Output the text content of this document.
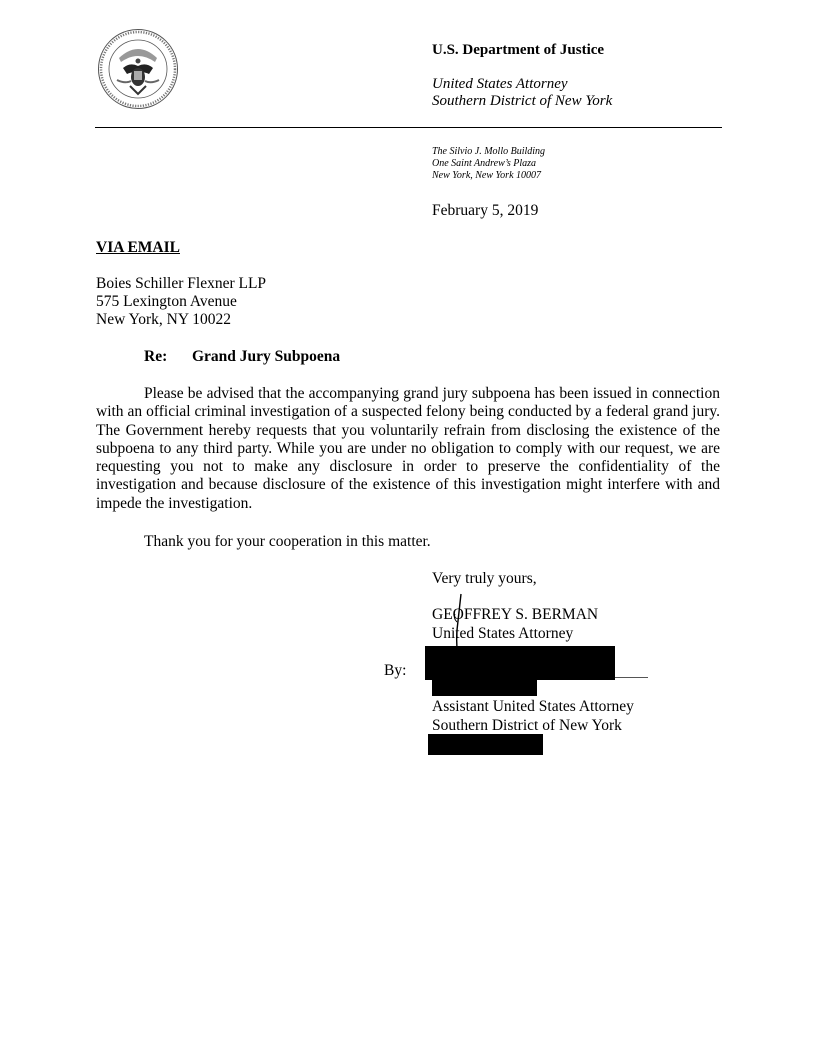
U.S. Department of Justice
United States Attorney
Southern District of New York
The Silvio J. Mollo Building
One Saint Andrew’s Plaza
New York, New York 10007
February 5, 2019
VIA EMAIL
Boies Schiller Flexner LLP
575 Lexington Avenue
New York, NY 10022
Re: Grand Jury Subpoena
Please be advised that the accompanying grand jury subpoena has been issued in connection with an official criminal investigation of a suspected felony being conducted by a federal grand jury. The Government hereby requests that you voluntarily refrain from disclosing the existence of the subpoena to any third party. While you are under no obligation to comply with our request, we are requesting you not to make any disclosure in order to preserve the confidentiality of the investigation and because disclosure of the existence of this investigation might interfere with and impede the investigation.
Thank you for your cooperation in this matter.
Very truly yours,
GEOFFREY S. BERMAN
United States Attorney
By:
Assistant United States Attorney
Southern District of New York
